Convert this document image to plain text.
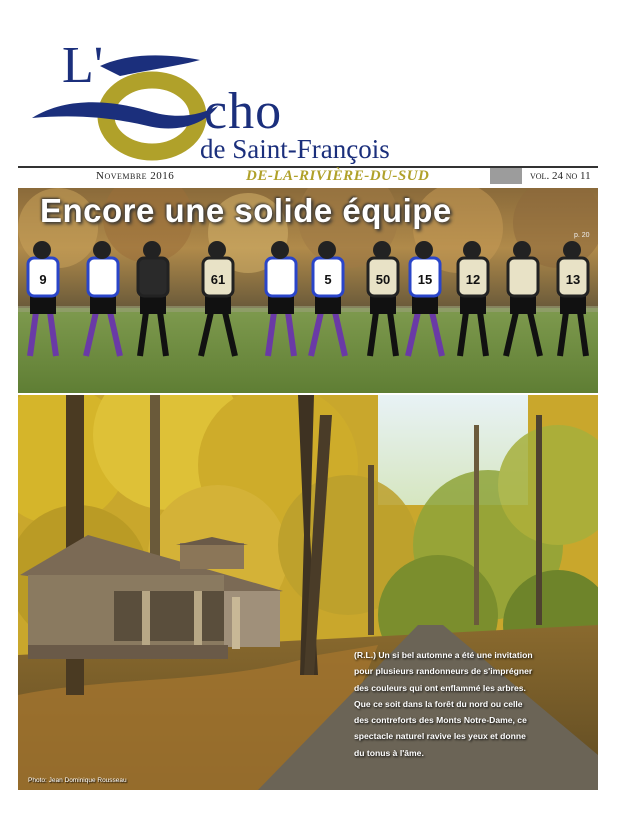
L'
cho
de Saint-François
Novembre 2016	DE-LA-RIVIÈRE-DU-SUD	vol. 24 no 11
9	61	5	50 15	12	13
Encore une solide équipe
p. 20
(R.L.) Un si bel automne a été une invitation pour plusieurs randonneurs de s'imprégner des couleurs qui ont enflammé les arbres. Que ce soit dans la forêt du nord ou celle des contreforts des Monts Notre-Dame, ce spectacle naturel ravive les yeux et donne du tonus à l'âme.
Photo: Jean Dominique Rousseau
